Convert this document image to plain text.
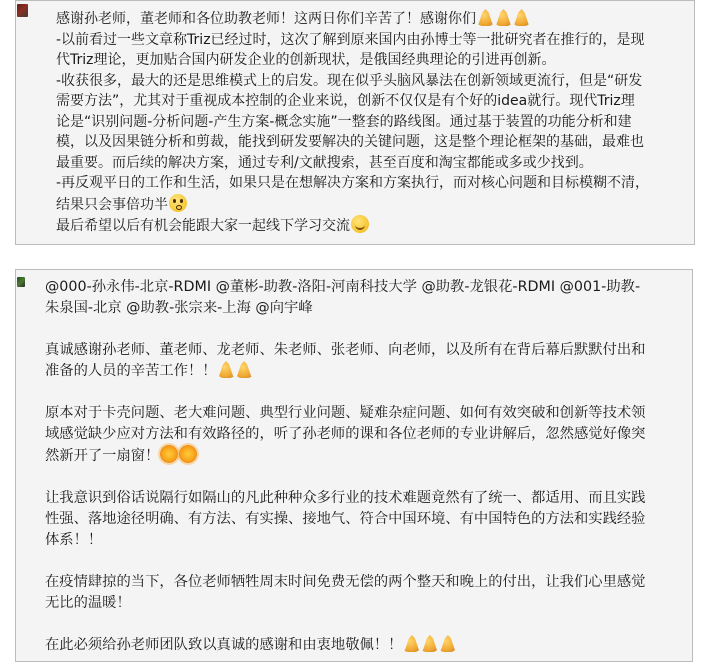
感谢孙老师，董老师和各位助教老师！这两日你们辛苦了！感谢你们
-以前看过一些文章称Triz已经过时，这次了解到原来国内由孙博士等一批研究者在推行的，是现
代Triz理论，更加贴合国内研发企业的创新现状，是俄国经典理论的引进再创新。
-收获很多，最大的还是思维模式上的启发。现在似乎头脑风暴法在创新领域更流行，但是“研发
需要方法”，尤其对于重视成本控制的企业来说，创新不仅仅是有个好的idea就行。现代Triz理
论是“识别问题-分析问题-产生方案-概念实施”一整套的路线图。通过基于装置的功能分析和建
模，以及因果链分析和剪裁，能找到研发要解决的关键问题，这是整个理论框架的基础，最难也
最重要。而后续的解决方案，通过专利/文献搜索，甚至百度和淘宝都能或多或少找到。
-再反观平日的工作和生活，如果只是在想解决方案和方案执行，而对核心问题和目标模糊不清，
结果只会事倍功半
最后希望以后有机会能跟大家一起线下学习交流
@000-孙永伟-北京-RDMI @董彬-助教-洛阳-河南科技大学 @助教-龙银花-RDMI @001-助教-
朱泉国-北京 @助教-张宗来-上海 @向宇峰
真诚感谢孙老师、董老师、龙老师、朱老师、张老师、向老师，以及所有在背后幕后默默付出和
准备的人员的辛苦工作！！
原本对于卡壳问题、老大难问题、典型行业问题、疑难杂症问题、如何有效突破和创新等技术领
域感觉缺少应对方法和有效路径的，听了孙老师的课和各位老师的专业讲解后，忽然感觉好像突
然新开了一扇窗！
让我意识到俗话说隔行如隔山的凡此种种众多行业的技术难题竟然有了统一、都适用、而且实践
性强、落地途径明确、有方法、有实操、接地气、符合中国环境、有中国特色的方法和实践经验
体系！！
在疫情肆掠的当下，各位老师牺牲周末时间免费无偿的两个整天和晚上的付出，让我们心里感觉
无比的温暖！
在此必须给孙老师团队致以真诚的感谢和由衷地敬佩！！
